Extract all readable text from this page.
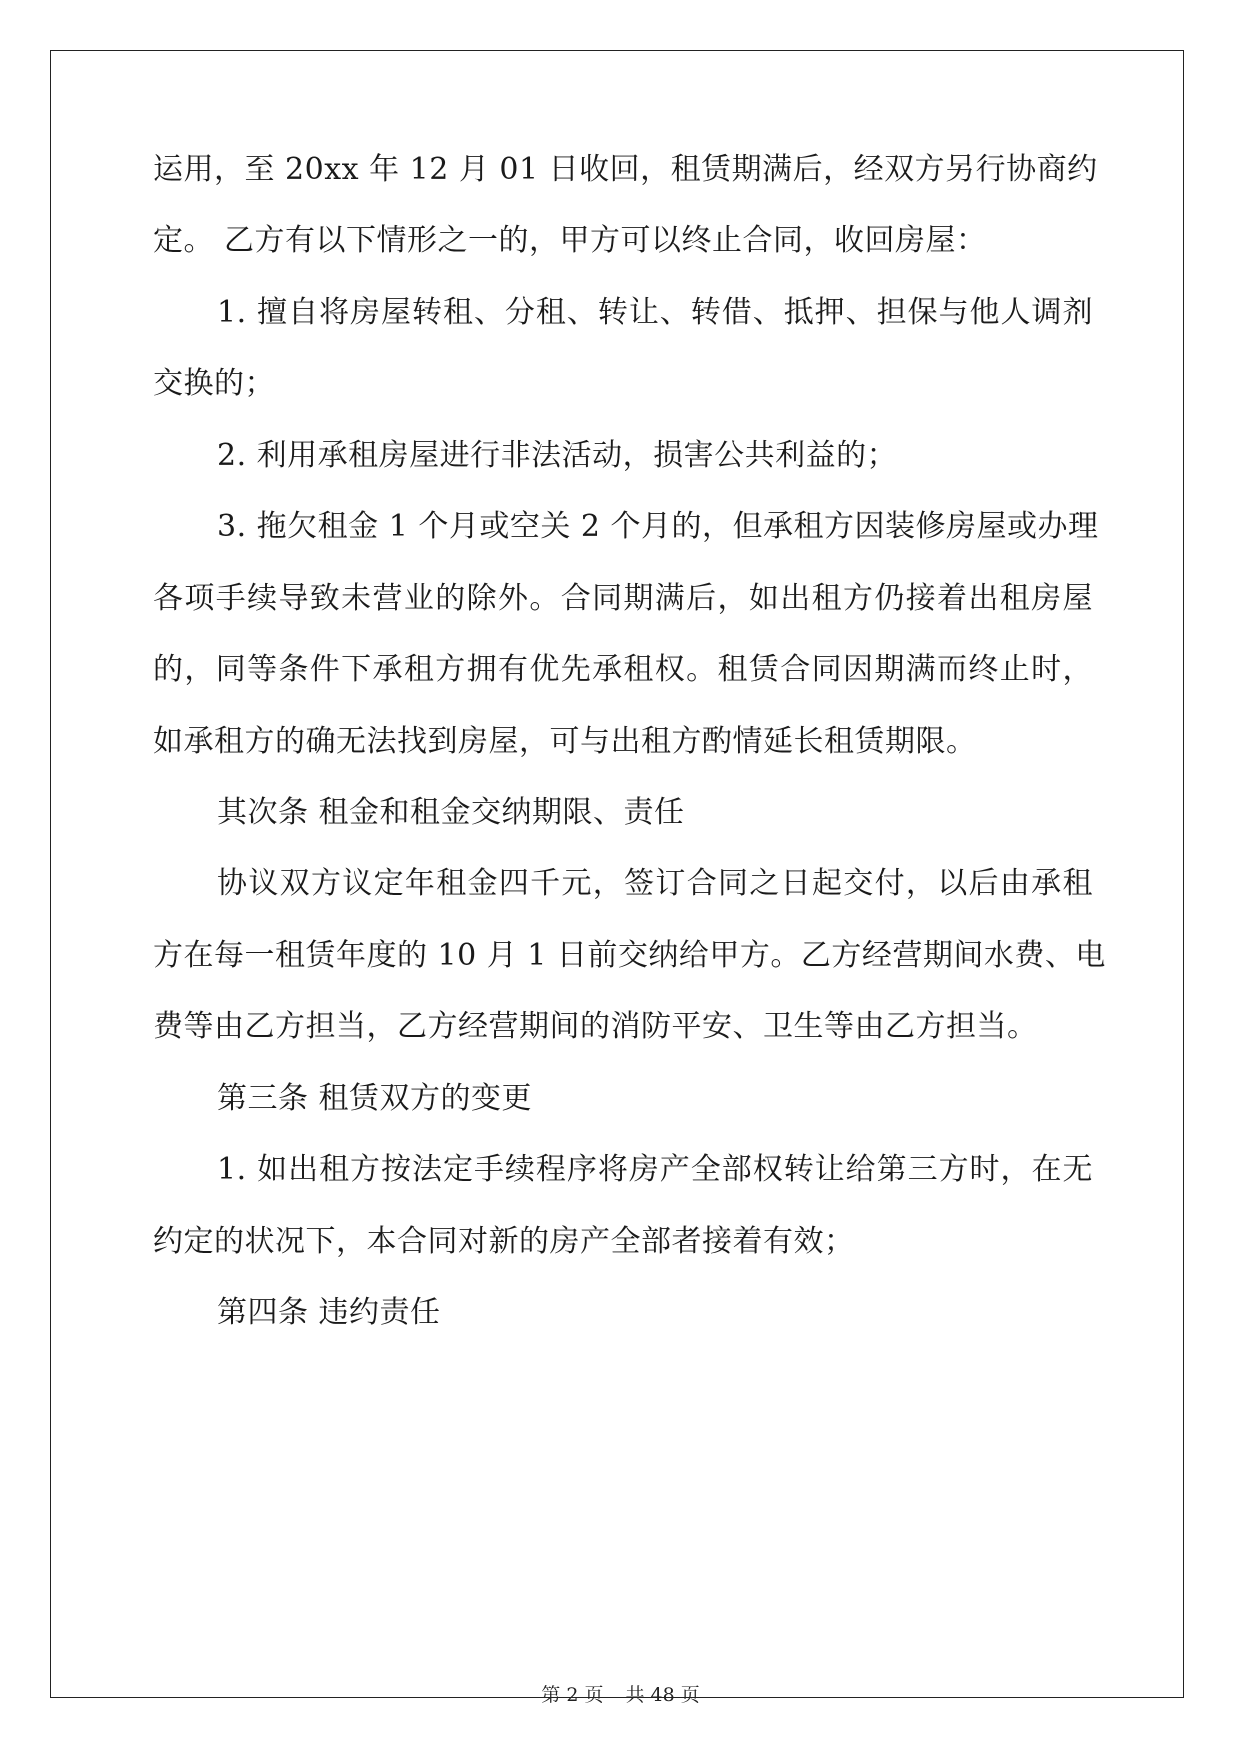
运用，至 20xx 年 12 月 01 日收回，租赁期满后，经双方另行协商约
定。 乙方有以下情形之一的，甲方可以终止合同，收回房屋：
1. 擅自将房屋转租、分租、转让、转借、抵押、担保与他人调剂
交换的；
2. 利用承租房屋进行非法活动，损害公共利益的；
3. 拖欠租金 1 个月或空关 2 个月的，但承租方因装修房屋或办理
各项手续导致未营业的除外。合同期满后，如出租方仍接着出租房屋
的，同等条件下承租方拥有优先承租权。租赁合同因期满而终止时，
如承租方的确无法找到房屋，可与出租方酌情延长租赁期限。
其次条 租金和租金交纳期限、责任
协议双方议定年租金四千元，签订合同之日起交付，以后由承租
方在每一租赁年度的 10 月 1 日前交纳给甲方。乙方经营期间水费、电
费等由乙方担当，乙方经营期间的消防平安、卫生等由乙方担当。
第三条 租赁双方的变更
1. 如出租方按法定手续程序将房产全部权转让给第三方时，在无
约定的状况下，本合同对新的房产全部者接着有效；
第四条 违约责任
第 2 页 共 48 页
